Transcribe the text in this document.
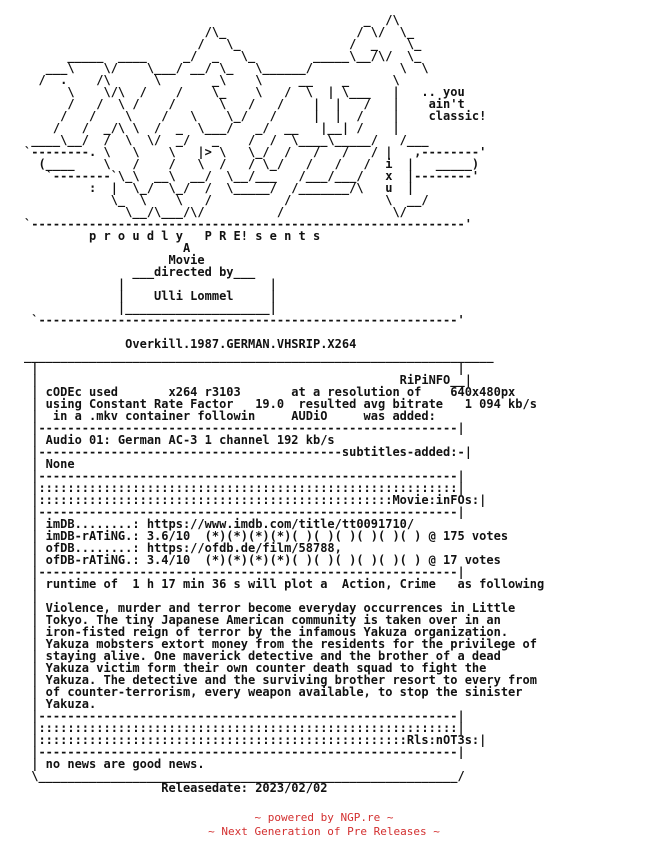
_  /\
/\_                  / \/  \_
/   \_               /  _    \_
_____  ____     _/  _   \_        _____\__/\/  \_
___\    \/    \___/ __/ \_   \______/            \  \
/  .    /\      \       _\    \     __    _      \
\    \/\  /    /    \_    \   /  \  | \___   |   .. you
/   /  \ /    /      \   /   /    |  |   /   |    ain't
/   /    \    /   \    \_/   /     |  |  /    |    classic!
/   /  _/\ \  /  _  \___/   _/  __   |__| /    |
____\__/  /  \  \/  _/   _    /  /  \____\_____/   /___
`--------. \   \    \   |> \   \_/  /   /   /   / |   ,--------'
(____    \   /    /   \  /   / \_/   /   /   /  i  |   _____)
`--------`\_\  __\  __/  \__/___   /___/___/   x  |--------'
:  |  \_/  \_/  /  \_____/  /_______/\   u  |
\_  \    \   /          /             \  __/
\__/\___/\/          /               \/
`------------------------------------------------------------'
p r o u d l y   P R E! s e n t s
A
Movie
___directed by___
|                    |
|    Ulli Lommel     |
|____________________|
`----------------------------------------------------------'
Overkill.1987.GERMAN.VHSRIP.X264
_________________________________________________________________
|                                                          |
|                                                  RiPiNFO__|
| cODEc used       x264 r3103       at a resolution of    640x480px
| using Constant Rate Factor   19.0  resulted avg bitrate   1 094 kb/s
|  in a .mkv container followin     AUDiO     was added:
|----------------------------------------------------------|
| Audio 01: German AC-3 1 channel 192 kb/s
|------------------------------------------subtitles-added:-|
| None
|----------------------------------------------------------|
|::::::::::::::::::::::::::::::::::::::::::::::::::::::::::|
|:::::::::::::::::::::::::::::::::::::::::::::::::Movie:inFOs:|
|----------------------------------------------------------|
| imDB........: https://www.imdb.com/title/tt0091710/
| imDB-rATiNG.: 3.6/10  (*)(*)(*)(*)( )( )( )( )( )( ) @ 175 votes
| ofDB........: https://ofdb.de/film/58788,
| ofDB-rATiNG.: 3.4/10  (*)(*)(*)(*)( )( )( )( )( )( ) @ 17 votes
|----------------------------------------------------------|
| runtime of  1 h 17 min 36 s will plot a  Action, Crime   as following
|
| Violence, murder and terror become everyday occurrences in Little
| Tokyo. The tiny Japanese American community is taken over in an
| iron-fisted reign of terror by the infamous Yakuza organization.
| Yakuza mobsters extort money from the residents for the privilege of
| staying alive. One maverick detective and the brother of a dead
| Yakuza victim form their own counter death squad to fight the
| Yakuza. The detective and the surviving brother resort to every from
| of counter-terrorism, every weapon available, to stop the sinister
| Yakuza.
|----------------------------------------------------------|
|::::::::::::::::::::::::::::::::::::::::::::::::::::::::::|
|:::::::::::::::::::::::::::::::::::::::::::::::::::Rls:nOT3s:|
|----------------------------------------------------------|
| no news are good news.
\__________________________________________________________/
Releasedate: 2023/02/02
~ powered by NGP.re ~
~ Next Generation of Pre Releases ~
